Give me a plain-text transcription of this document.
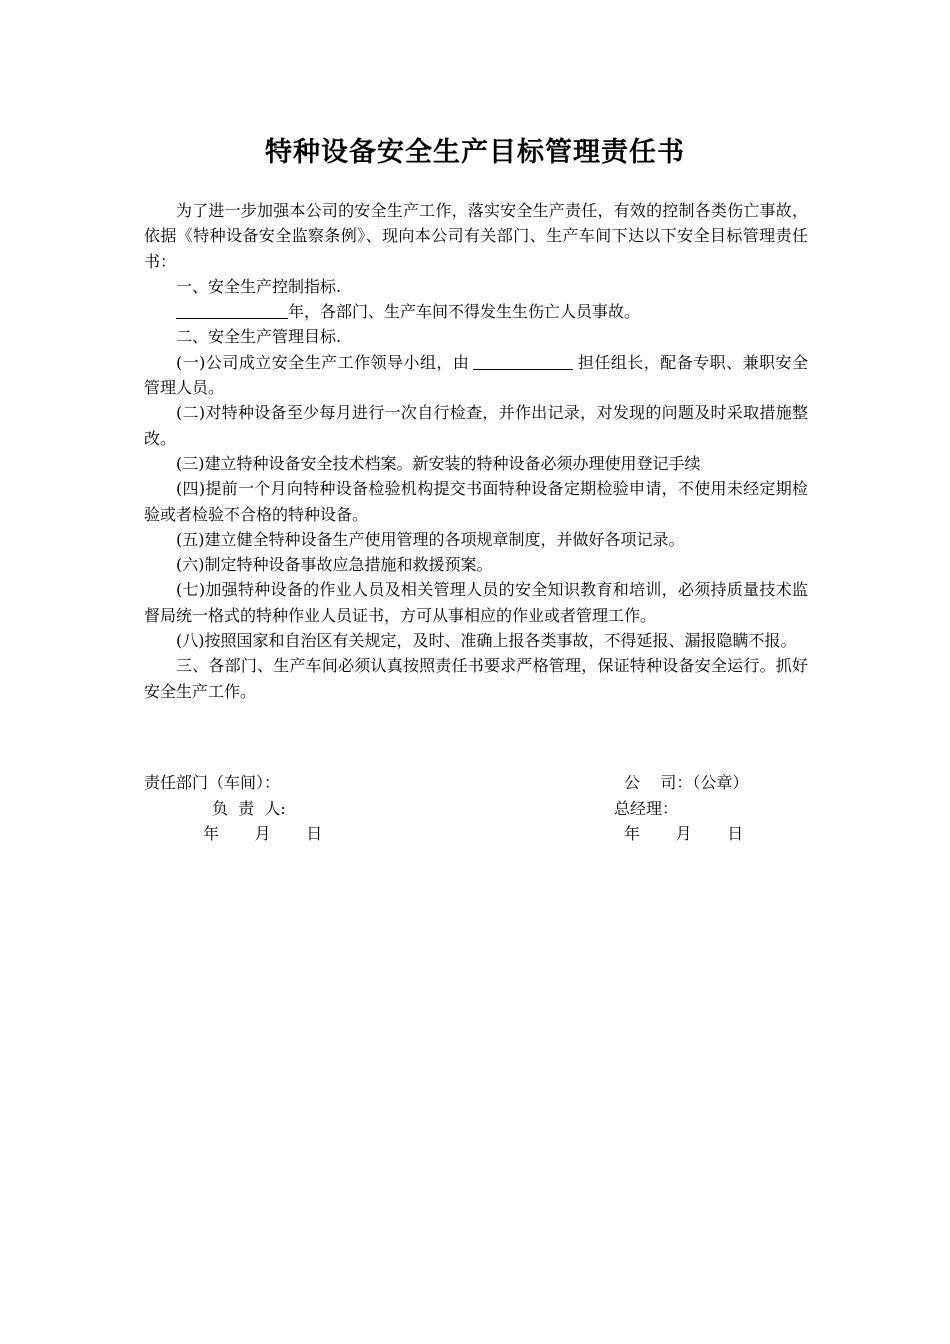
特种设备安全生产目标管理责任书

为了进一步加强本公司的安全生产工作，落实安全生产责任，有效的控制各类伤亡事故，依据《特种设备安全监察条例》、现向本公司有关部门、生产车间下达以下安全目标管理责任书：

一、安全生产控制指标.

年，各部门、生产车间不得发生生伤亡人员事故。

二、安全生产管理目标.

(一)公司成立安全生产工作领导小组，由	担任组长，配备专职、兼职安全管理人员。

(二)对特种设备至少每月进行一次自行检查，并作出记录，对发现的问题及时采取措施整改。

(三)建立特种设备安全技术档案。新安装的特种设备必须办理使用登记手续

(四)提前一个月向特种设备检验机构提交书面特种设备定期检验申请，不使用未经定期检验或者检验不合格的特种设备。

(五)建立健全特种设备生产使用管理的各项规章制度，并做好各项记录。

(六)制定特种设备事故应急措施和救援预案。

(七)加强特种设备的作业人员及相关管理人员的安全知识教育和培训，必须持质量技术监督局统一格式的特种作业人员证书，方可从事相应的作业或者管理工作。

(八)按照国家和自治区有关规定，及时、准确上报各类事故，不得延报、漏报隐瞒不报。

三、各部门、生产车间必须认真按照责任书要求严格管理，保证特种设备安全运行。抓好安全生产工作。

责任部门（车间）：
负  责  人:
年       月       日
公    司：（公章）
总经理：
年       月       日
